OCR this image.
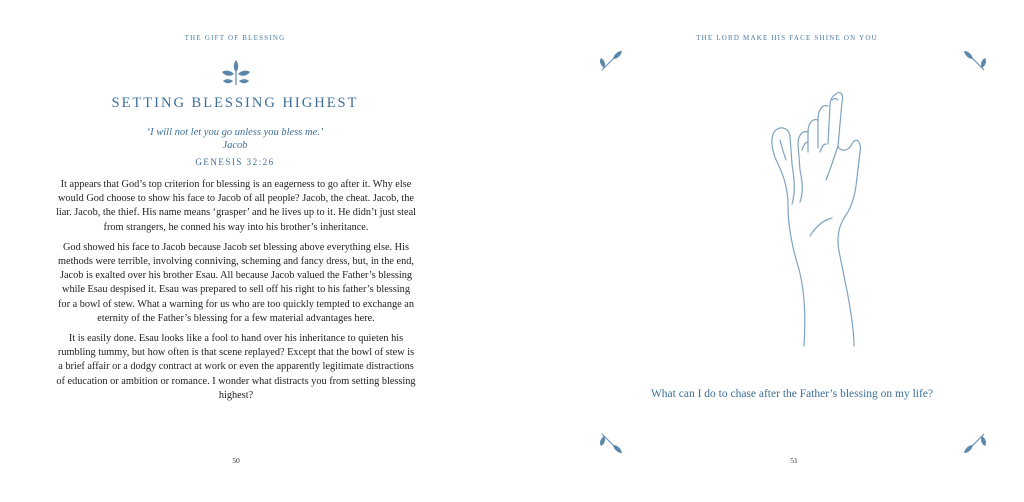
THE GIFT OF BLESSING
SETTING BLESSING HIGHEST
‘I will not let you go unless you bless me.’
Jacob
GENESIS 32:26

It appears that God’s top criterion for blessing is an eagerness to go after it. Why else would God choose to show his face to Jacob of all people? Jacob, the cheat. Jacob, the liar. Jacob, the thief. His name means ‘grasper’ and he lives up to it. He didn’t just steal from strangers, he conned his way into his brother’s inheritance.

God showed his face to Jacob because Jacob set blessing above everything else. His methods were terrible, involving conniving, scheming and fancy dress, but, in the end, Jacob is exalted over his brother Esau. All because Jacob valued the Father’s blessing while Esau despised it. Esau was prepared to sell off his right to his father’s blessing for a bowl of stew. What a warning for us who are too quickly tempted to exchange an eternity of the Father’s blessing for a few material advantages here.

It is easily done. Esau looks like a fool to hand over his inheritance to quieten his rumbling tummy, but how often is that scene replayed? Except that the bowl of stew is a brief affair or a dodgy contract at work or even the apparently legitimate distractions of education or ambition or romance. I wonder what distracts you from setting blessing highest?

50
THE LORD MAKE HIS FACE SHINE ON YOU
What can I do to chase after the Father’s blessing on my life?
51
